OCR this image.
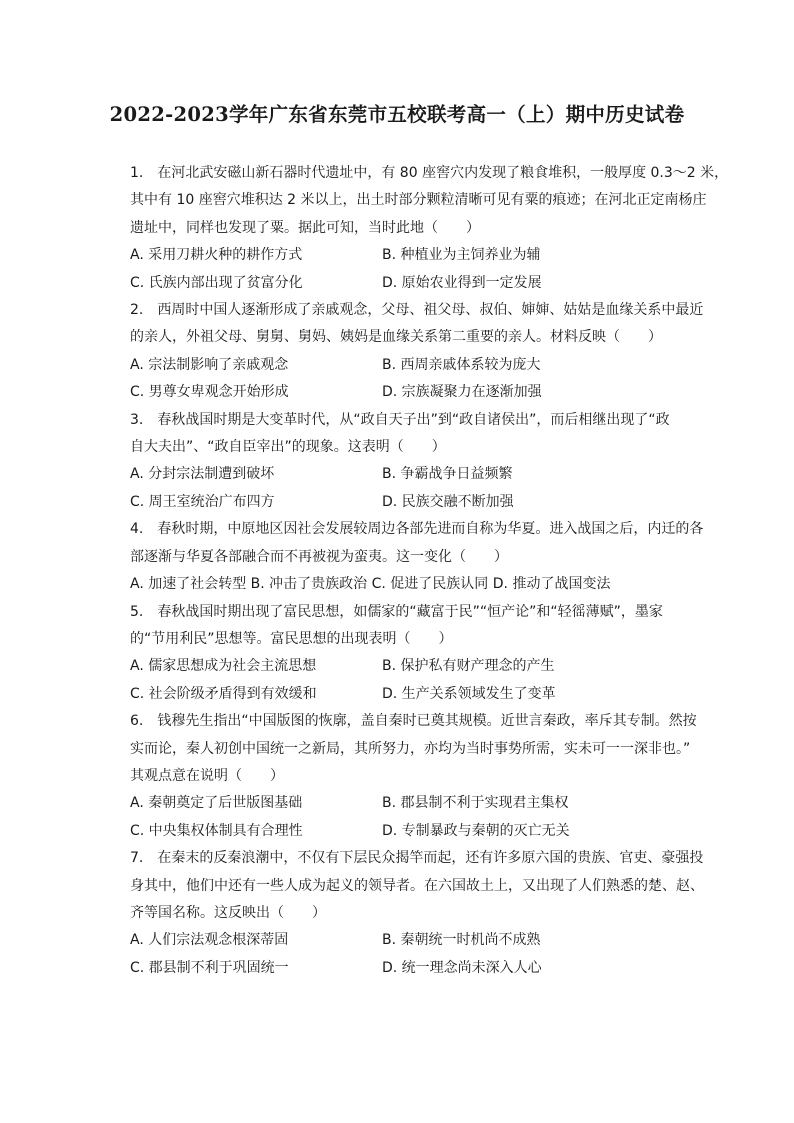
2022-2023学年广东省东莞市五校联考高一（上）期中历史试卷
1.　在河北武安磁山新石器时代遗址中，有 80 座窖穴内发现了粮食堆积，一般厚度 0.3～2 米，
其中有 10 座窖穴堆积达 2 米以上，出土时部分颗粒清晰可见有粟的痕迹；在河北正定南杨庄
遗址中，同样也发现了粟。据此可知，当时此地（　　）
A. 采用刀耕火种的耕作方式	B. 种植业为主饲养业为辅
C. 氏族内部出现了贫富分化	D. 原始农业得到一定发展
2.　西周时中国人逐渐形成了亲戚观念，父母、祖父母、叔伯、婶婶、姑姑是血缘关系中最近
的亲人，外祖父母、舅舅、舅妈、姨妈是血缘关系第二重要的亲人。材料反映（　　）
A. 宗法制影响了亲戚观念	B. 西周亲戚体系较为庞大
C. 男尊女卑观念开始形成	D. 宗族凝聚力在逐渐加强
3.　春秋战国时期是大变革时代，从“政自天子出”到“政自诸侯出”，而后相继出现了“政
自大夫出”、“政自臣宰出”的现象。这表明（　　）
A. 分封宗法制遭到破坏	B. 争霸战争日益频繁
C. 周王室统治广布四方	D. 民族交融不断加强
4.　春秋时期，中原地区因社会发展较周边各部先进而自称为华夏。进入战国之后，内迁的各
部逐渐与华夏各部融合而不再被视为蛮夷。这一变化（　　）
A. 加速了社会转型 B. 冲击了贵族政治 C. 促进了民族认同 D. 推动了战国变法
5.　春秋战国时期出现了富民思想，如儒家的“藏富于民”“恒产论”和“轻徭薄赋”，墨家
的“节用利民”思想等。富民思想的出现表明（　　）
A. 儒家思想成为社会主流思想	B. 保护私有财产理念的产生
C. 社会阶级矛盾得到有效缓和	D. 生产关系领域发生了变革
6.　钱穆先生指出“中国版图的恢廓，盖自秦时已奠其规模。近世言秦政，率斥其专制。然按
实而论，秦人初创中国统一之新局，其所努力，亦均为当时事势所需，实未可一一深非也。”
其观点意在说明（　　）
A. 秦朝奠定了后世版图基础	B. 郡县制不利于实现君主集权
C. 中央集权体制具有合理性	D. 专制暴政与秦朝的灭亡无关
7.　在秦末的反秦浪潮中，不仅有下层民众揭竿而起，还有许多原六国的贵族、官吏、豪强投
身其中，他们中还有一些人成为起义的领导者。在六国故土上，又出现了人们熟悉的楚、赵、
齐等国名称。这反映出（　　）
A. 人们宗法观念根深蒂固	B. 秦朝统一时机尚不成熟
C. 郡县制不利于巩固统一	D. 统一理念尚未深入人心
